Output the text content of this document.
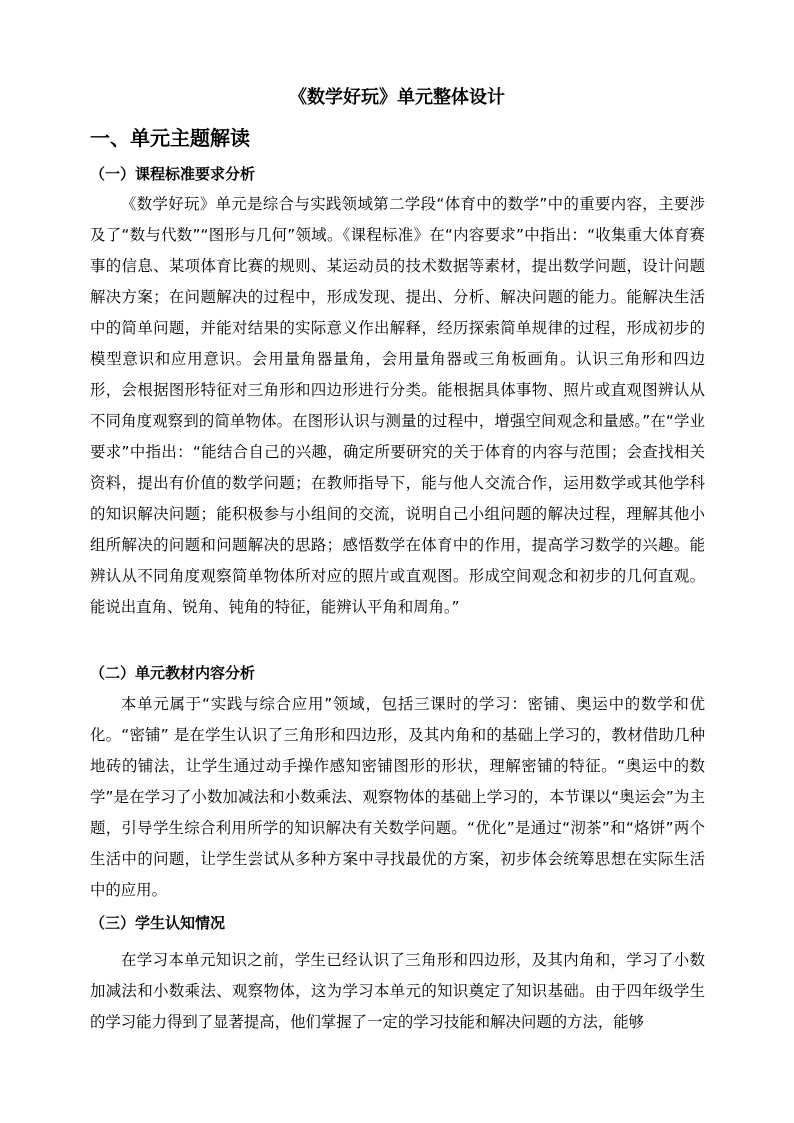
《数学好玩》单元整体设计
一、单元主题解读
（一）课程标准要求分析

《数学好玩》单元是综合与实践领域第二学段“体育中的数学”中的重要内容，主要涉及了“数与代数”“图形与几何”领域。《课程标准》在“内容要求”中指出：“收集重大体育赛事的信息、某项体育比赛的规则、某运动员的技术数据等素材，提出数学问题，设计问题解决方案；在问题解决的过程中，形成发现、提出、分析、解决问题的能力。能解决生活中的简单问题，并能对结果的实际意义作出解释，经历探索简单规律的过程，形成初步的模型意识和应用意识。会用量角器量角，会用量角器或三角板画角。认识三角形和四边形，会根据图形特征对三角形和四边形进行分类。能根据具体事物、照片或直观图辨认从不同角度观察到的简单物体。在图形认识与测量的过程中，增强空间观念和量感。”在“学业要求”中指出：“能结合自己的兴趣，确定所要研究的关于体育的内容与范围；会查找相关资料，提出有价值的数学问题；在教师指导下，能与他人交流合作，运用数学或其他学科的知识解决问题；能积极参与小组间的交流，说明自己小组问题的解决过程，理解其他小组所解决的问题和问题解决的思路；感悟数学在体育中的作用，提高学习数学的兴趣。能辨认从不同角度观察简单物体所对应的照片或直观图。形成空间观念和初步的几何直观。能说出直角、锐角、钝角的特征，能辨认平角和周角。”

（二）单元教材内容分析

本单元属于“实践与综合应用”领域，包括三课时的学习：密铺、奥运中的数学和优化。“密铺” 是在学生认识了三角形和四边形，及其内角和的基础上学习的，教材借助几种地砖的铺法，让学生通过动手操作感知密铺图形的形状，理解密铺的特征。“奥运中的数学”是在学习了小数加减法和小数乘法、观察物体的基础上学习的，本节课以“奥运会”为主题，引导学生综合利用所学的知识解决有关数学问题。“优化”是通过“沏茶”和“烙饼”两个生活中的问题，让学生尝试从多种方案中寻找最优的方案，初步体会统筹思想在实际生活中的应用。

（三）学生认知情况

在学习本单元知识之前，学生已经认识了三角形和四边形，及其内角和，学习了小数加减法和小数乘法、观察物体，这为学习本单元的知识奠定了知识基础。由于四年级学生的学习能力得到了显著提高，他们掌握了一定的学习技能和解决问题的方法，能够
